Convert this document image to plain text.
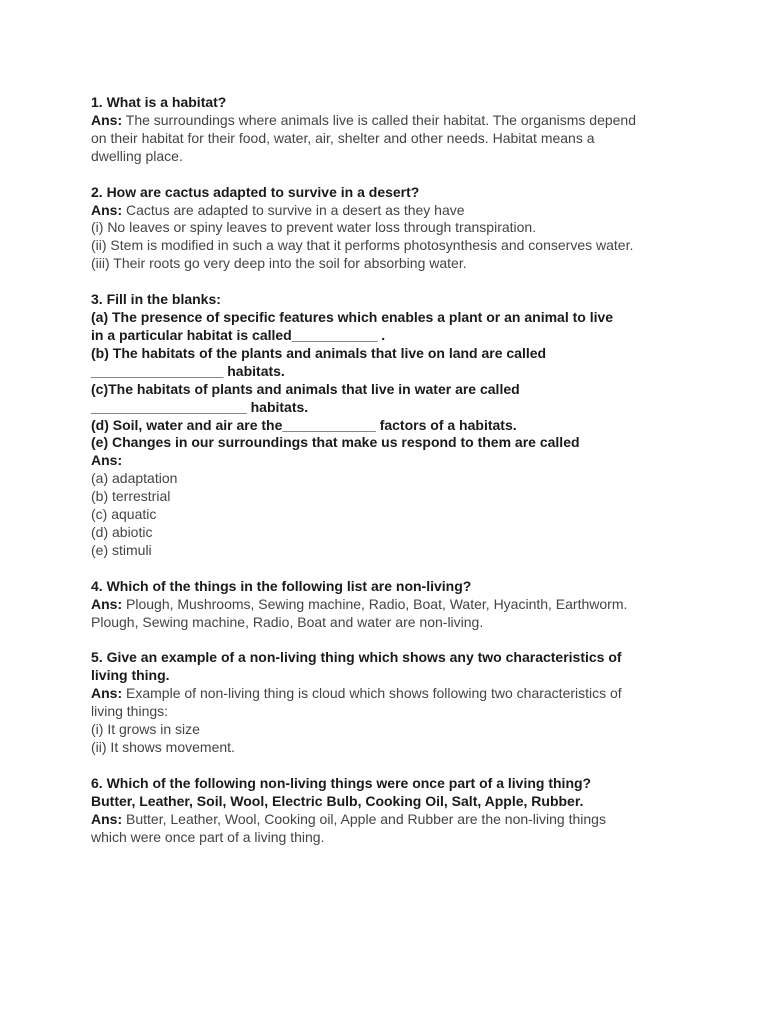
1. What is a habitat?
Ans: The surroundings where animals live is called their habitat. The organisms depend
on their habitat for their food, water, air, shelter and other needs. Habitat means a
dwelling place.
2. How are cactus adapted to survive in a desert?
Ans: Cactus are adapted to survive in a desert as they have
(i) No leaves or spiny leaves to prevent water loss through transpiration.
(ii) Stem is modified in such a way that it performs photosynthesis and conserves water.
(iii) Their roots go very deep into the soil for absorbing water.
3. Fill in the blanks:
(a) The presence of specific features which enables a plant or an animal to live
in a particular habitat is called___________ .
(b) The habitats of the plants and animals that live on land are called
_________________ habitats.
(c)The habitats of plants and animals that live in water are called
____________________ habitats.
(d) Soil, water and air are the____________ factors of a habitats.
(e) Changes in our surroundings that make us respond to them are called
Ans:
(a) adaptation
(b) terrestrial
(c) aquatic
(d) abiotic
(e) stimuli
4. Which of the things in the following list are non-living?
Ans: Plough, Mushrooms, Sewing machine, Radio, Boat, Water, Hyacinth, Earthworm.
Plough, Sewing machine, Radio, Boat and water are non-living.
5. Give an example of a non-living thing which shows any two characteristics of
living thing.
Ans: Example of non-living thing is cloud which shows following two characteristics of
living things:
(i) It grows in size
(ii) It shows movement.
6. Which of the following non-living things were once part of a living thing?
Butter, Leather, Soil, Wool, Electric Bulb, Cooking Oil, Salt, Apple, Rubber.
Ans: Butter, Leather, Wool, Cooking oil, Apple and Rubber are the non-living things
which were once part of a living thing.
